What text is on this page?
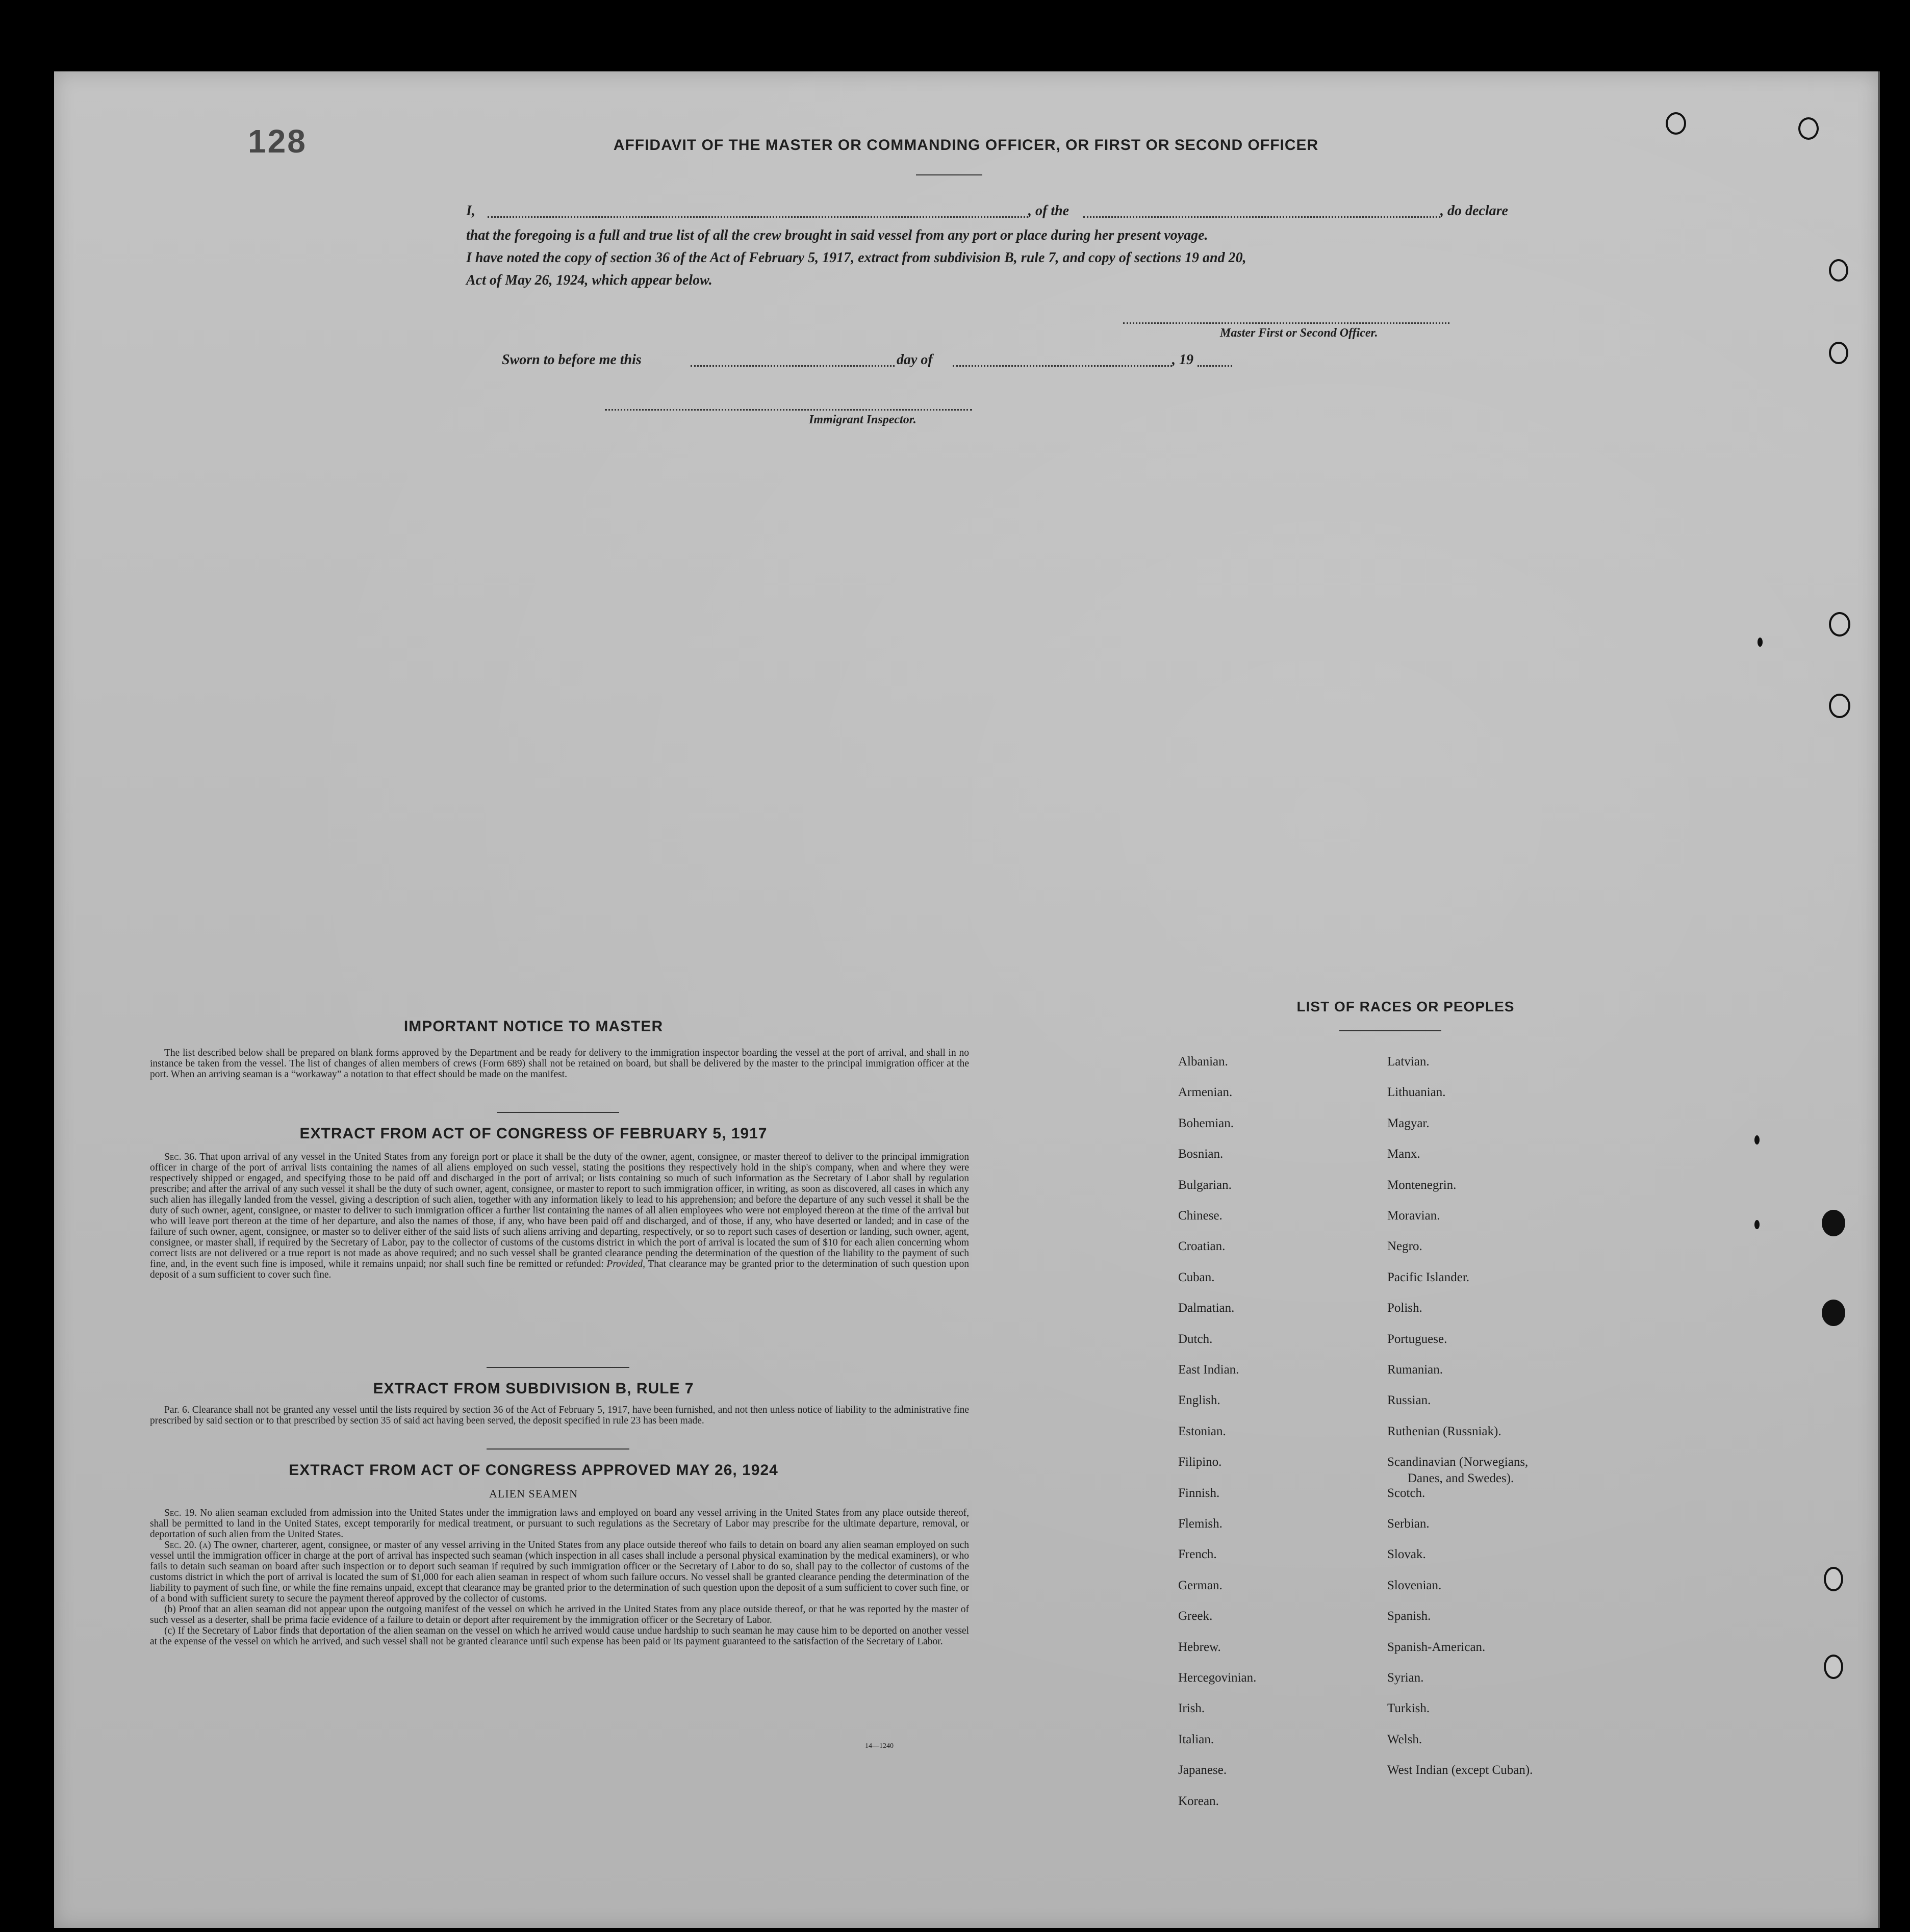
128	AFFIDAVIT OF THE MASTER OR COMMANDING OFFICER, OR FIRST OR SECOND OFFICER
I,	, of the	, do declare
that the foregoing is a full and true list of all the crew brought in said vessel from any port or place during her present voyage.
I have noted the copy of section 36 of the Act of February 5, 1917, extract from subdivision B, rule 7, and copy of sections 19 and 20,
Act of May 26, 1924, which appear below.
Master First or Second Officer.
Sworn to before me this	day of	, 19
Immigrant Inspector.
IMPORTANT NOTICE TO MASTER

The list described below shall be prepared on blank forms approved by the Department and be ready for delivery to the immigration inspector boarding the vessel at the port of arrival, and shall in no instance be taken from the vessel. The list of changes of alien members of crews (Form 689) shall not be retained on board, but shall be delivered by the master to the principal immigration officer at the port. When an arriving seaman is a “workaway” a notation to that effect should be made on the manifest.

EXTRACT FROM ACT OF CONGRESS OF FEBRUARY 5, 1917

Sec. 36. That upon arrival of any vessel in the United States from any foreign port or place it shall be the duty of the owner, agent, consignee, or master thereof to deliver to the principal immigration officer in charge of the port of arrival lists containing the names of all aliens employed on such vessel, stating the positions they respectively hold in the ship's company, when and where they were respectively shipped or engaged, and specifying those to be paid off and discharged in the port of arrival; or lists containing so much of such information as the Secretary of Labor shall by regulation prescribe; and after the arrival of any such vessel it shall be the duty of such owner, agent, consignee, or master to report to such immigration officer, in writing, as soon as discovered, all cases in which any such alien has illegally landed from the vessel, giving a description of such alien, together with any information likely to lead to his apprehension; and before the departure of any such vessel it shall be the duty of such owner, agent, consignee, or master to deliver to such immigration officer a further list containing the names of all alien employees who were not employed thereon at the time of the arrival but who will leave port thereon at the time of her departure, and also the names of those, if any, who have been paid off and discharged, and of those, if any, who have deserted or landed; and in case of the failure of such owner, agent, consignee, or master so to deliver either of the said lists of such aliens arriving and departing, respectively, or so to report such cases of desertion or landing, such owner, agent, consignee, or master shall, if required by the Secretary of Labor, pay to the collector of customs of the customs district in which the port of arrival is located the sum of $10 for each alien concerning whom correct lists are not delivered or a true report is not made as above required; and no such vessel shall be granted clearance pending the determination of the question of the liability to the payment of such fine, and, in the event such fine is imposed, while it remains unpaid; nor shall such fine be remitted or refunded: Provided, That clearance may be granted prior to the determination of such question upon deposit of a sum sufficient to cover such fine.

EXTRACT FROM SUBDIVISION B, RULE 7

Par. 6. Clearance shall not be granted any vessel until the lists required by section 36 of the Act of February 5, 1917, have been furnished, and not then unless notice of liability to the administrative fine prescribed by said section or to that prescribed by section 35 of said act having been served, the deposit specified in rule 23 has been made.

EXTRACT FROM ACT OF CONGRESS APPROVED MAY 26, 1924
ALIEN SEAMEN

Sec. 19. No alien seaman excluded from admission into the United States under the immigration laws and employed on board any vessel arriving in the United States from any place outside thereof, shall be permitted to land in the United States, except temporarily for medical treatment, or pursuant to such regulations as the Secretary of Labor may prescribe for the ultimate departure, removal, or deportation of such alien from the United States.

Sec. 20. (a) The owner, charterer, agent, consignee, or master of any vessel arriving in the United States from any place outside thereof who fails to detain on board any alien seaman employed on such vessel until the immigration officer in charge at the port of arrival has inspected such seaman (which inspection in all cases shall include a personal physical examination by the medical examiners), or who fails to detain such seaman on board after such inspection or to deport such seaman if required by such immigration officer or the Secretary of Labor to do so, shall pay to the collector of customs of the customs district in which the port of arrival is located the sum of $1,000 for each alien seaman in respect of whom such failure occurs. No vessel shall be granted clearance pending the determination of the liability to payment of such fine, or while the fine remains unpaid, except that clearance may be granted prior to the determination of such question upon the deposit of a sum sufficient to cover such fine, or of a bond with sufficient surety to secure the payment thereof approved by the collector of customs.

(b) Proof that an alien seaman did not appear upon the outgoing manifest of the vessel on which he arrived in the United States from any place outside thereof, or that he was reported by the master of such vessel as a deserter, shall be prima facie evidence of a failure to detain or deport after requirement by the immigration officer or the Secretary of Labor.

(c) If the Secretary of Labor finds that deportation of the alien seaman on the vessel on which he arrived would cause undue hardship to such seaman he may cause him to be deported on another vessel at the expense of the vessel on which he arrived, and such vessel shall not be granted clearance until such expense has been paid or its payment guaranteed to the satisfaction of the Secretary of Labor.

14—1240
LIST OF RACES OR PEOPLES
Albanian.
Armenian.
Bohemian.
Bosnian.
Bulgarian.
Chinese.
Croatian.
Cuban.
Dalmatian.
Dutch.
East Indian.
English.
Estonian.
Filipino.
Finnish.
Flemish.
French.
German.
Greek.
Hebrew.
Hercegovinian.
Irish.
Italian.
Japanese.
Korean.
Latvian.
Lithuanian.
Magyar.
Manx.
Montenegrin.
Moravian.
Negro.
Pacific Islander.
Polish.
Portuguese.
Rumanian.
Russian.
Ruthenian (Russniak).
Scandinavian (Norwegians,
Danes, and Swedes).
Scotch.
Serbian.
Slovak.
Slovenian.
Spanish.
Spanish-American.
Syrian.
Turkish.
Welsh.
West Indian (except Cuban).
